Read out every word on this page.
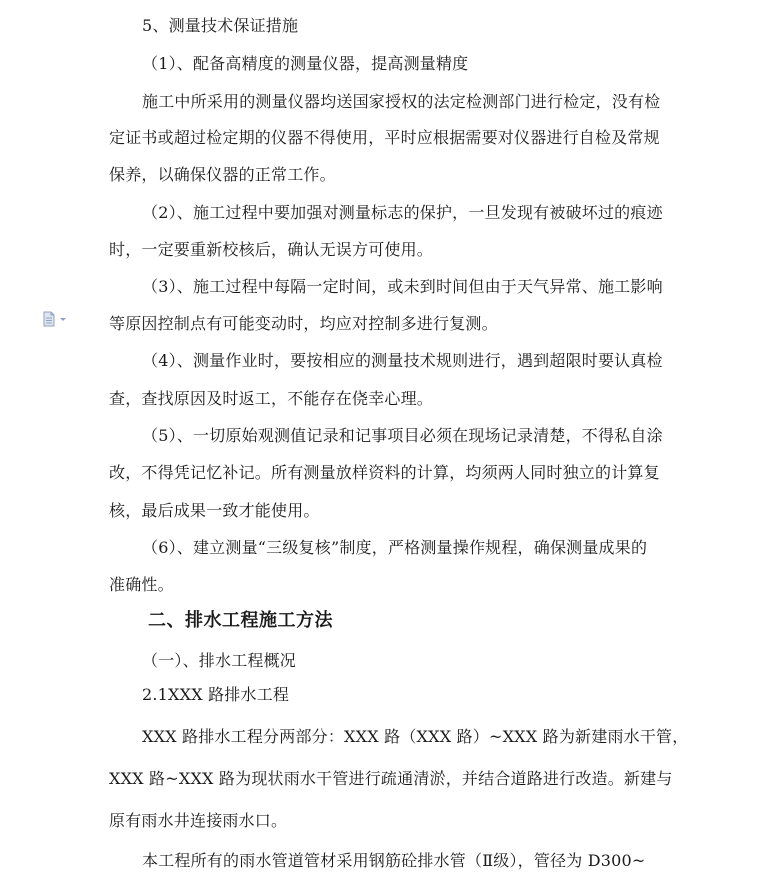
5、测量技术保证措施
（1）、配备高精度的测量仪器，提高测量精度
施工中所采用的测量仪器均送国家授权的法定检测部门进行检定，没有检
定证书或超过检定期的仪器不得使用，平时应根据需要对仪器进行自检及常规
保养，以确保仪器的正常工作。
（2）、施工过程中要加强对测量标志的保护，一旦发现有被破坏过的痕迹
时，一定要重新校核后，确认无误方可使用。
（3）、施工过程中每隔一定时间，或未到时间但由于天气异常、施工影响
等原因控制点有可能变动时，均应对控制多进行复测。
（4）、测量作业时，要按相应的测量技术规则进行，遇到超限时要认真检
查，查找原因及时返工，不能存在侥幸心理。
（5）、一切原始观测值记录和记事项目必须在现场记录清楚，不得私自涂
改，不得凭记忆补记。所有测量放样资料的计算，均须两人同时独立的计算复
核，最后成果一致才能使用。
（6）、建立测量“三级复核”制度，严格测量操作规程，确保测量成果的
准确性。
二、排水工程施工方法
（一）、排水工程概况
2.1XXX 路排水工程
XXX 路排水工程分两部分：XXX 路（XXX 路）~XXX 路为新建雨水干管，
XXX 路~XXX 路为现状雨水干管进行疏通清淤，并结合道路进行改造。新建与
原有雨水井连接雨水口。
本工程所有的雨水管道管材采用钢筋砼排水管（Ⅱ级），管径为 D300~
